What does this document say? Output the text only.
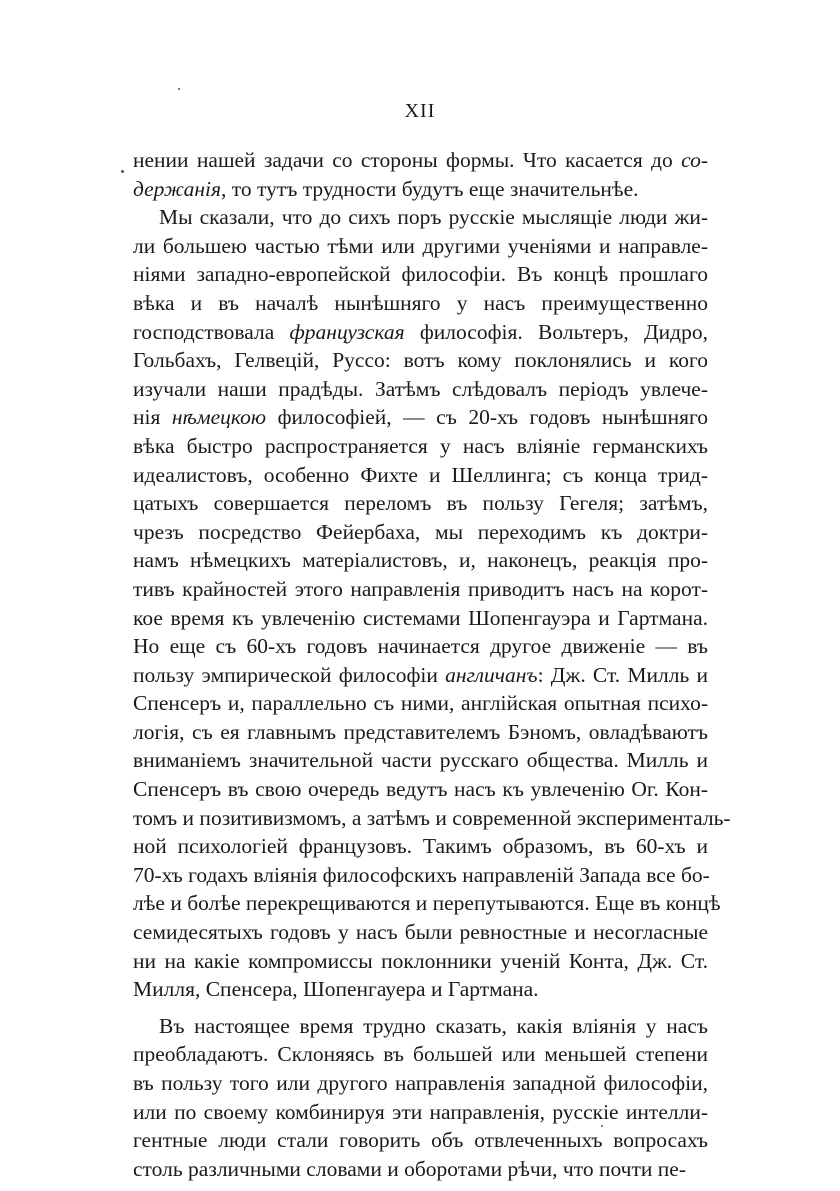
XII
нении нашей задачи со стороны формы. Что касается до со-
держанія, то тутъ трудности будутъ еще значительнѣе.
Мы сказали, что до сихъ поръ русскіе мыслящіе люди жи-
ли большею частью тѣми или другими ученіями и направле-
ніями западно-европейской философіи. Въ концѣ прошлаго
вѣка и въ началѣ нынѣшняго у насъ преимущественно
господствовала французская философія. Вольтеръ, Дидро,
Гольбахъ, Гелвецій, Руссо: вотъ кому поклонялись и кого
изучали наши прадѣды. Затѣмъ слѣдовалъ періодъ увлече-
нія нѣмецкою философіей, — съ 20-хъ годовъ нынѣшняго
вѣка быстро распространяется у насъ вліяніе германскихъ
идеалистовъ, особенно Фихте и Шеллинга; съ конца трид-
цатыхъ совершается переломъ въ пользу Гегеля; затѣмъ,
чрезъ посредство Фейербаха, мы переходимъ къ доктри-
намъ нѣмецкихъ матеріалистовъ, и, наконецъ, реакція про-
тивъ крайностей этого направленія приводитъ насъ на корот-
кое время къ увлеченію системами Шопенгауэра и Гартмана.
Но еще съ 60-хъ годовъ начинается другое движеніе — въ
пользу эмпирической философіи англичанъ: Дж. Ст. Милль и
Спенсеръ и, параллельно съ ними, англійская опытная психо-
логія, съ ея главнымъ представителемъ Бэномъ, овладѣваютъ
вниманіемъ значительной части русскаго общества. Милль и
Спенсеръ въ свою очередь ведутъ насъ къ увлеченію Ог. Кон-
томъ и позитивизмомъ, а затѣмъ и современной эксперименталь-
ной психологіей французовъ. Такимъ образомъ, въ 60-хъ и
70-хъ годахъ вліянія философскихъ направленій Запада все бо-
лѣе и болѣе перекрещиваются и перепутываются. Еще въ концѣ
семидесятыхъ годовъ у насъ были ревностные и несогласные
ни на какіе компромиссы поклонники ученій Конта, Дж. Ст.
Милля, Спенсера, Шопенгауера и Гартмана.
Въ настоящее время трудно сказать, какія вліянія у насъ
преобладаютъ. Склоняясь въ большей или меньшей степени
въ пользу того или другого направленія западной философіи,
или по своему комбинируя эти направленія, русскіе интелли-
гентные люди стали говорить объ отвлеченныхъ вопросахъ
столь различными словами и оборотами рѣчи, что почти пе-
